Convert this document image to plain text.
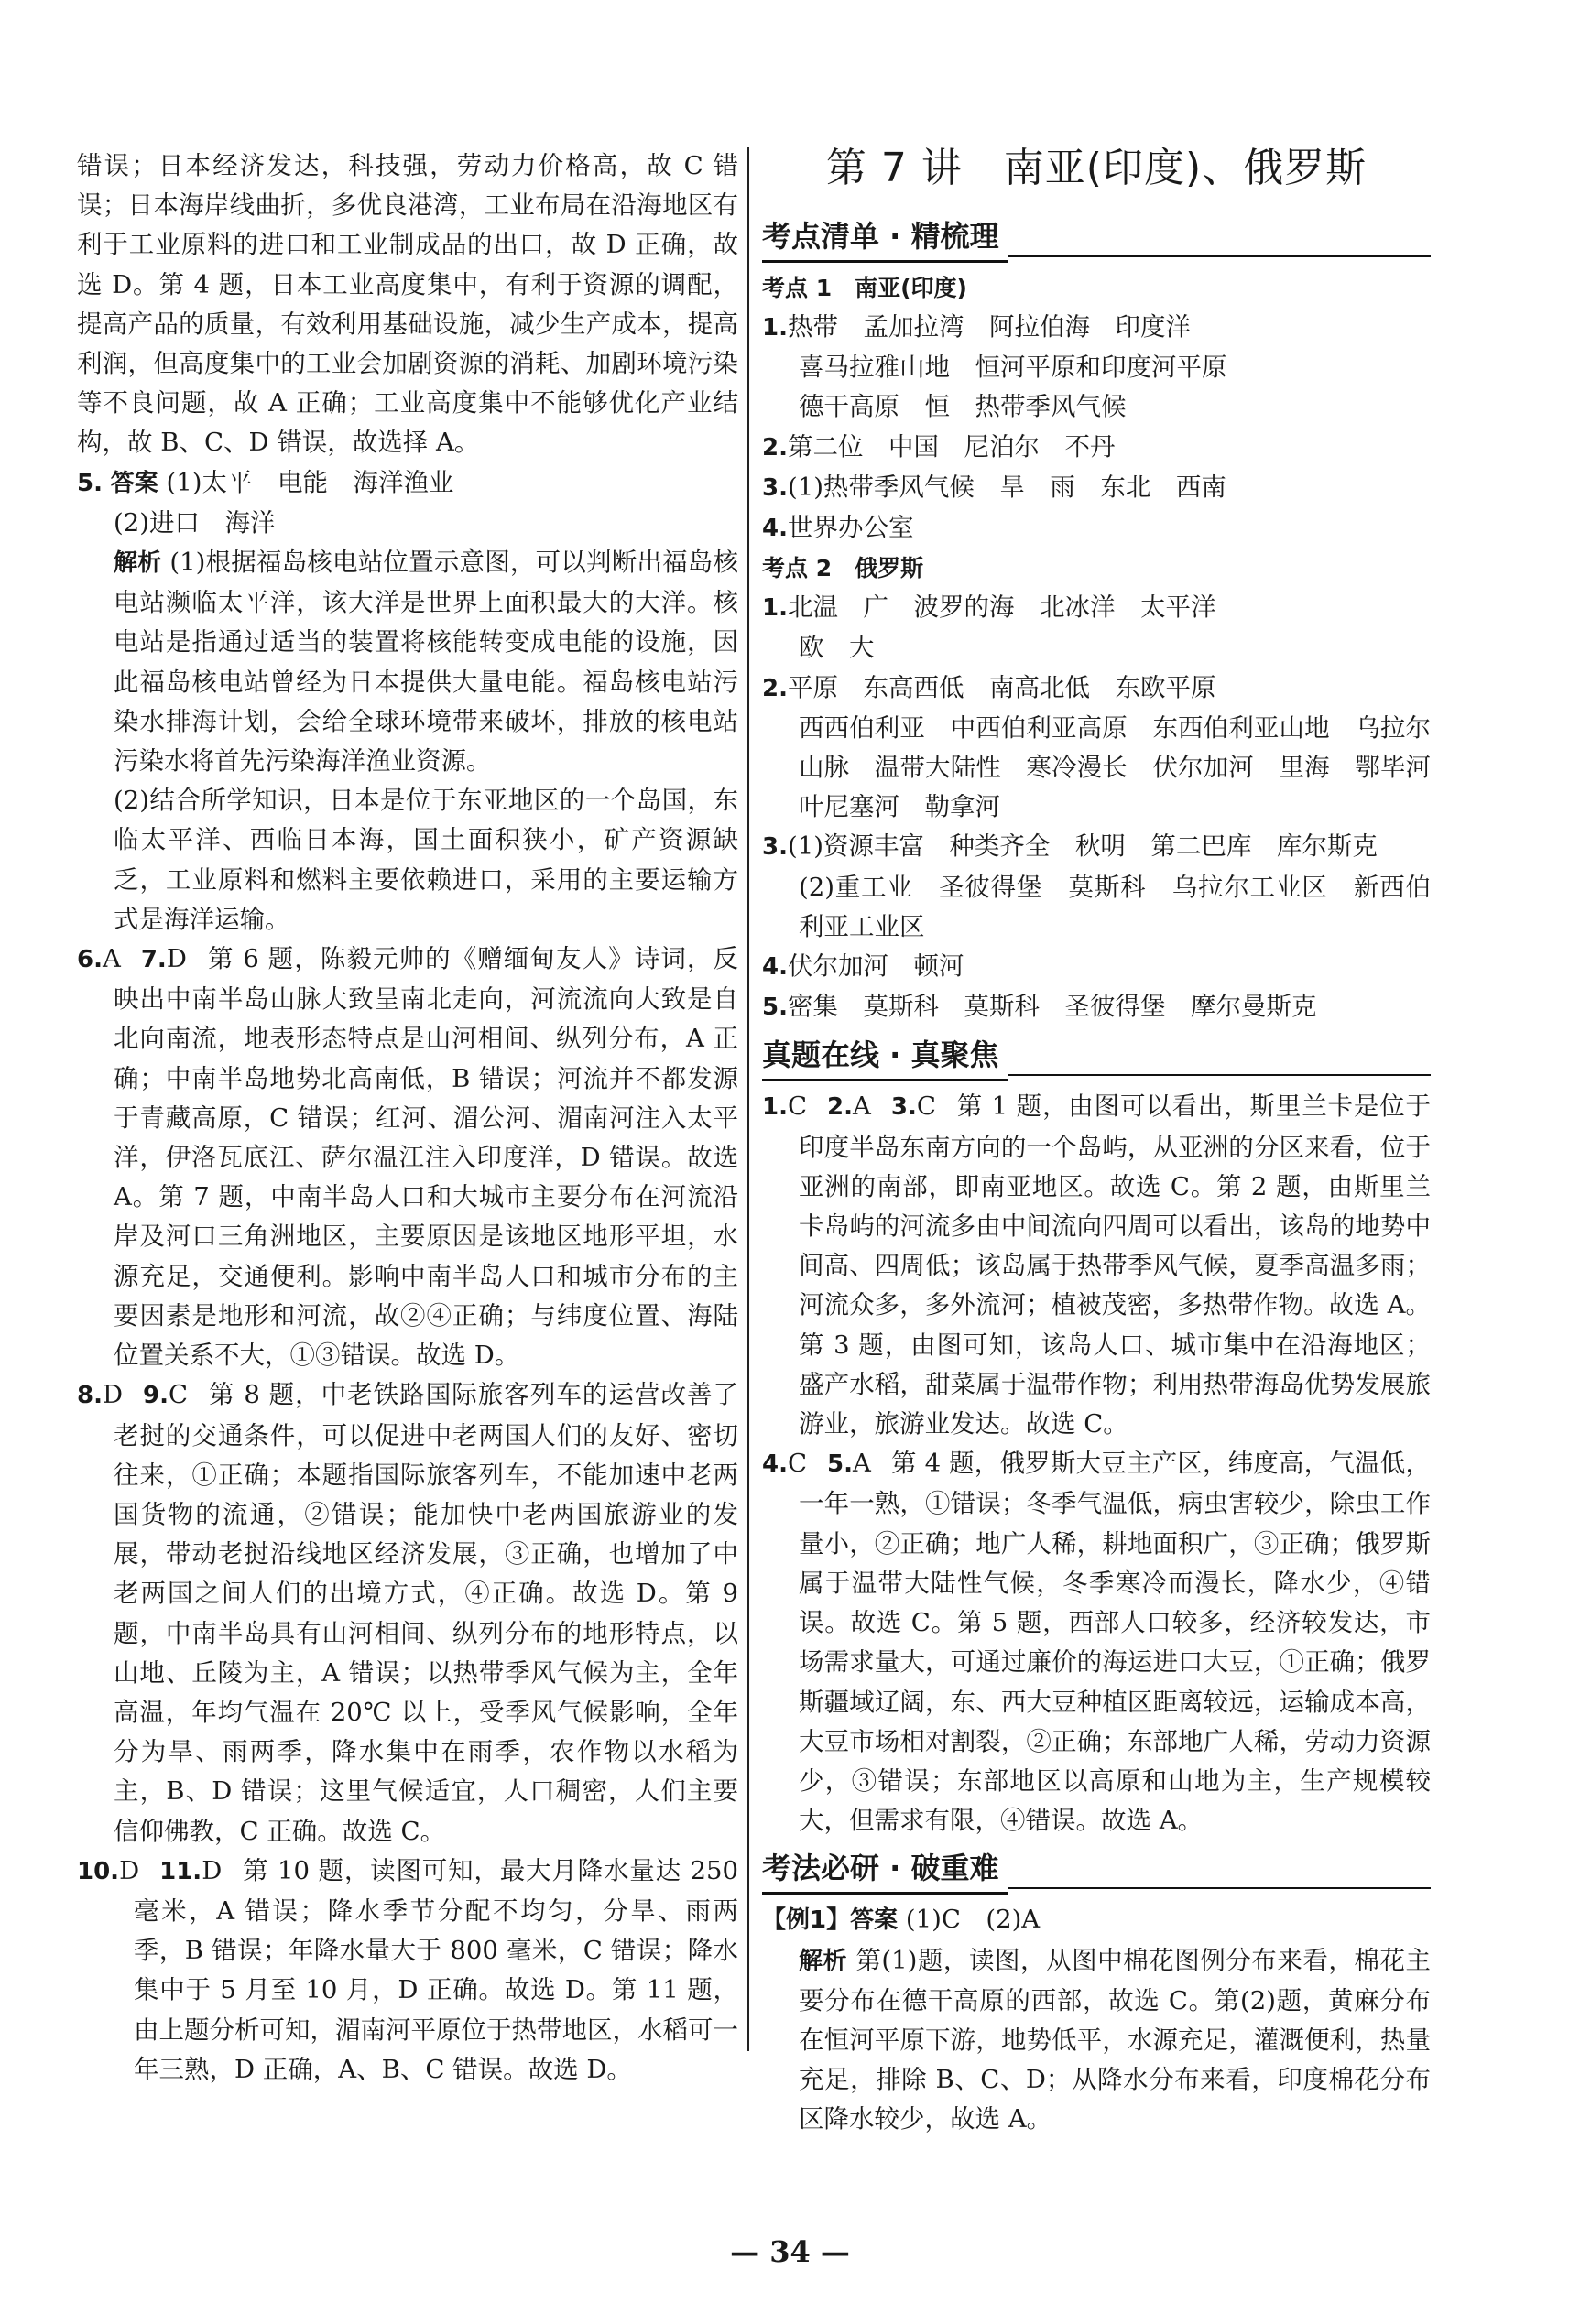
错误；日本经济发达，科技强，劳动力价格高，故 C 错误；日本海岸线曲折，多优良港湾，工业布局在沿海地区有利于工业原料的进口和工业制成品的出口，故 D 正确，故选 D。第 4 题，日本工业高度集中，有利于资源的调配，提高产品的质量，有效利用基础设施，减少生产成本，提高利润，但高度集中的工业会加剧资源的消耗、加剧环境污染等不良问题，故 A 正确；工业高度集中不能够优化产业结构，故 B、C、D 错误，故选择 A。

5. 答案 (1)太平　电能　海洋渔业

(2)进口　海洋

解析 (1)根据福岛核电站位置示意图，可以判断出福岛核电站濒临太平洋，该大洋是世界上面积最大的大洋。核电站是指通过适当的装置将核能转变成电能的设施，因此福岛核电站曾经为日本提供大量电能。福岛核电站污染水排海计划，会给全球环境带来破坏，排放的核电站污染水将首先污染海洋渔业资源。

(2)结合所学知识，日本是位于东亚地区的一个岛国，东临太平洋、西临日本海，国土面积狭小，矿产资源缺乏，工业原料和燃料主要依赖进口，采用的主要运输方式是海洋运输。

6.A 7.D 第 6 题，陈毅元帅的《赠缅甸友人》诗词，反映出中南半岛山脉大致呈南北走向，河流流向大致是自北向南流，地表形态特点是山河相间、纵列分布，A 正确；中南半岛地势北高南低，B 错误；河流并不都发源于青藏高原，C 错误；红河、湄公河、湄南河注入太平洋，伊洛瓦底江、萨尔温江注入印度洋，D 错误。故选 A。第 7 题，中南半岛人口和大城市主要分布在河流沿岸及河口三角洲地区，主要原因是该地区地形平坦，水源充足，交通便利。影响中南半岛人口和城市分布的主要因素是地形和河流，故②④正确；与纬度位置、海陆位置关系不大，①③错误。故选 D。

8.D 9.C 第 8 题，中老铁路国际旅客列车的运营改善了老挝的交通条件，可以促进中老两国人们的友好、密切往来，①正确；本题指国际旅客列车，不能加速中老两国货物的流通，②错误；能加快中老两国旅游业的发展，带动老挝沿线地区经济发展，③正确，也增加了中老两国之间人们的出境方式，④正确。故选 D。第 9 题，中南半岛具有山河相间、纵列分布的地形特点，以山地、丘陵为主，A 错误；以热带季风气候为主，全年高温，年均气温在 20℃ 以上，受季风气候影响，全年分为旱、雨两季，降水集中在雨季，农作物以水稻为主，B、D 错误；这里气候适宜，人口稠密，人们主要信仰佛教，C 正确。故选 C。

10.D 11.D 第 10 题，读图可知，最大月降水量达 250 毫米，A 错误；降水季节分配不均匀，分旱、雨两季，B 错误；年降水量大于 800 毫米，C 错误；降水集中于 5 月至 10 月，D 正确。故选 D。第 11 题，由上题分析可知，湄南河平原位于热带地区，水稻可一年三熟，D 正确，A、B、C 错误。故选 D。

第 7 讲　南亚(印度)、俄罗斯
考点清单 · 精梳理
考点 1　南亚(印度)

1.热带　孟加拉湾　阿拉伯海　印度洋

喜马拉雅山地　恒河平原和印度河平原

德干高原　恒　热带季风气候

2.第二位　中国　尼泊尔　不丹

3.(1)热带季风气候　旱　雨　东北　西南

4.世界办公室

考点 2　俄罗斯

1.北温　广　波罗的海　北冰洋　太平洋

欧　大

2.平原　东高西低　南高北低　东欧平原

西西伯利亚　中西伯利亚高原　东西伯利亚山地　乌拉尔山脉　温带大陆性　寒冷漫长　伏尔加河　里海　鄂毕河　叶尼塞河　勒拿河

3.(1)资源丰富　种类齐全　秋明　第二巴库　库尔斯克

(2)重工业　圣彼得堡　莫斯科　乌拉尔工业区　新西伯利亚工业区

4.伏尔加河　顿河

5.密集　莫斯科　莫斯科　圣彼得堡　摩尔曼斯克

真题在线 · 真聚焦

1.C 2.A 3.C 第 1 题，由图可以看出，斯里兰卡是位于印度半岛东南方向的一个岛屿，从亚洲的分区来看，位于亚洲的南部，即南亚地区。故选 C。第 2 题，由斯里兰卡岛屿的河流多由中间流向四周可以看出，该岛的地势中间高、四周低；该岛属于热带季风气候，夏季高温多雨；河流众多，多外流河；植被茂密，多热带作物。故选 A。第 3 题，由图可知，该岛人口、城市集中在沿海地区；盛产水稻，甜菜属于温带作物；利用热带海岛优势发展旅游业，旅游业发达。故选 C。

4.C 5.A 第 4 题，俄罗斯大豆主产区，纬度高，气温低，一年一熟，①错误；冬季气温低，病虫害较少，除虫工作量小，②正确；地广人稀，耕地面积广，③正确；俄罗斯属于温带大陆性气候，冬季寒冷而漫长，降水少，④错误。故选 C。第 5 题，西部人口较多，经济较发达，市场需求量大，可通过廉价的海运进口大豆，①正确；俄罗斯疆域辽阔，东、西大豆种植区距离较远，运输成本高，大豆市场相对割裂，②正确；东部地广人稀，劳动力资源少，③错误；东部地区以高原和山地为主，生产规模较大，但需求有限，④错误。故选 A。

考法必研 · 破重难

【例1】答案 (1)C　(2)A

解析 第(1)题，读图，从图中棉花图例分布来看，棉花主要分布在德干高原的西部，故选 C。第(2)题，黄麻分布在恒河平原下游，地势低平，水源充足，灌溉便利，热量充足，排除 B、C、D；从降水分布来看，印度棉花分布区降水较少，故选 A。

— 34 —
